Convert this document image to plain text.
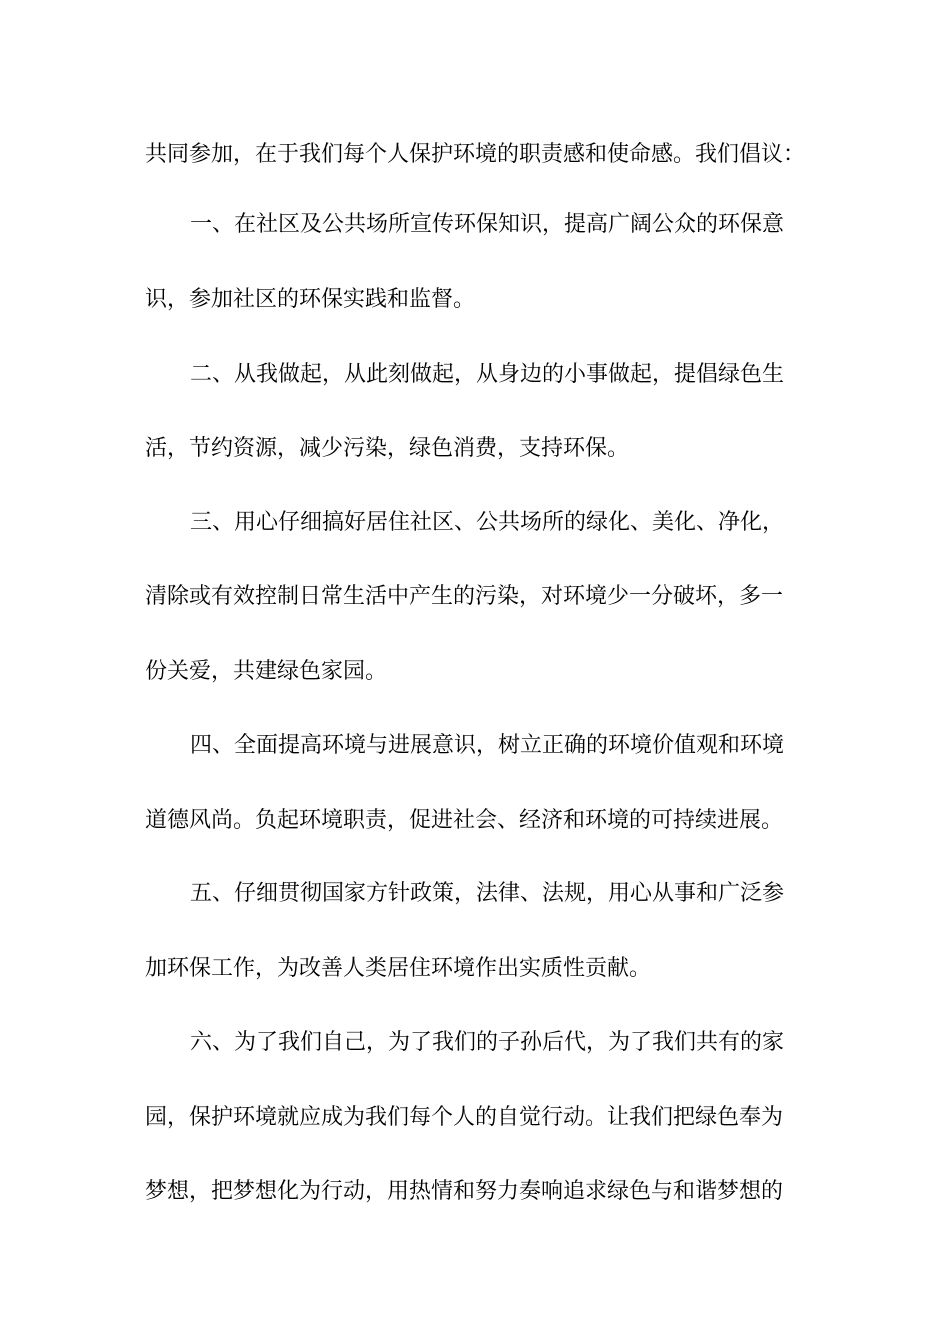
共同参加，在于我们每个人保护环境的职责感和使命感。我们倡议：
一、在社区及公共场所宣传环保知识，提高广阔公众的环保意
识，参加社区的环保实践和监督。
二、从我做起，从此刻做起，从身边的小事做起，提倡绿色生
活，节约资源，减少污染，绿色消费，支持环保。
三、用心仔细搞好居住社区、公共场所的绿化、美化、净化，
清除或有效控制日常生活中产生的污染，对环境少一分破坏，多一
份关爱，共建绿色家园。
四、全面提高环境与进展意识，树立正确的环境价值观和环境
道德风尚。负起环境职责，促进社会、经济和环境的可持续进展。
五、仔细贯彻国家方针政策，法律、法规，用心从事和广泛参
加环保工作，为改善人类居住环境作出实质性贡献。
六、为了我们自己，为了我们的子孙后代，为了我们共有的家
园，保护环境就应成为我们每个人的自觉行动。让我们把绿色奉为
梦想，把梦想化为行动，用热情和努力奏响追求绿色与和谐梦想的
